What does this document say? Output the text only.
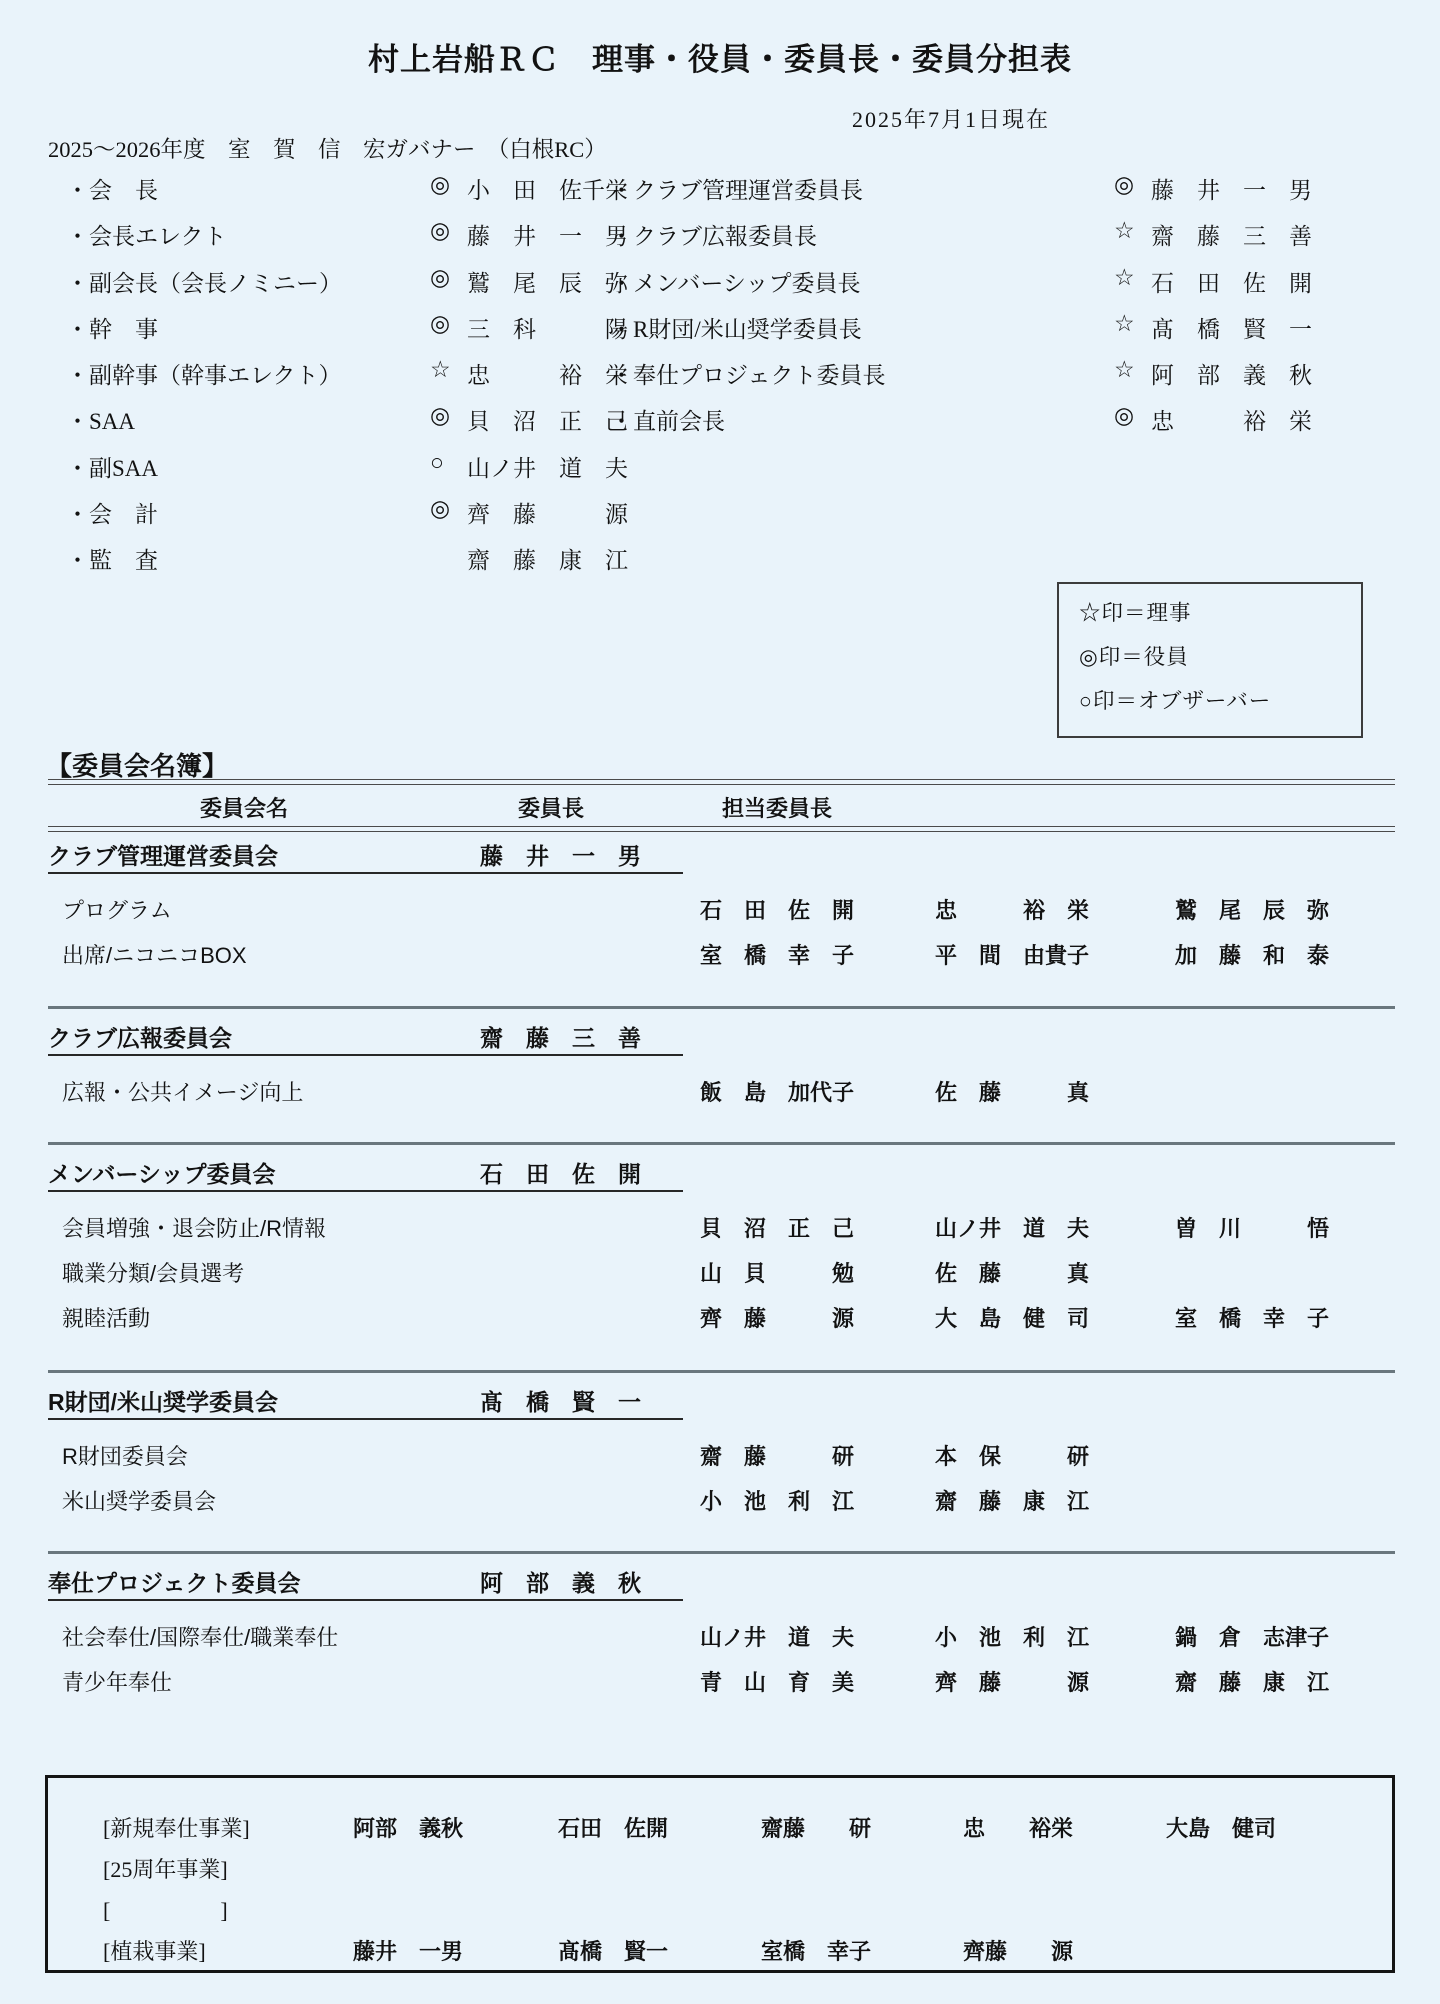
村上岩船ＲＣ　理事・役員・委員長・委員分担表
2025年7月1日現在
2025～2026年度　室　賀　信　宏ガバナー　（白根RC）
・会　長	◎ 小　田　佐千栄
・会長エレクト	◎ 藤　井　一　男
・副会長（会長ノミニー）	◎ 鷲　尾　辰　弥
・幹　事	◎ 三　科　　　陽
・副幹事（幹事エレクト）	☆ 忠　　　裕　栄
・SAA	◎ 貝　沼　正　己
・副SAA	○ 山ノ井　道　夫
・会　計	◎ 齊　藤　　　源
・監　査	齋　藤　康　江
・クラブ管理運営委員長	◎ 藤　井　一　男
・クラブ広報委員長	☆ 齋　藤　三　善
・メンバーシップ委員長	☆ 石　田　佐　開
・R財団/米山奨学委員長	☆ 髙　橋　賢　一
・奉仕プロジェクト委員長	☆ 阿　部　義　秋
・直前会長	◎ 忠　　　裕　栄
☆印＝理事
◎印＝役員
○印＝オブザーバー
【委員会名簿】
委員会名	委員長	担当委員長
クラブ管理運営委員会	藤　井　一　男
プログラム	石　田　佐　開	忠　　　裕　栄	鷲　尾　辰　弥
出席/ニコニコBOX	室　橋　幸　子	平　間　由貴子	加　藤　和　泰
クラブ広報委員会	齋　藤　三　善
広報・公共イメージ向上	飯　島　加代子	佐　藤　　　真
メンバーシップ委員会	石　田　佐　開
会員増強・退会防止/R情報	貝　沼　正　己	山ノ井　道　夫	曽　川　　　悟
職業分類/会員選考	山　貝　　　勉	佐　藤　　　真
親睦活動	齊　藤　　　源	大　島　健　司	室　橋　幸　子
R財団/米山奨学委員会	髙　橋　賢　一
R財団委員会	齋　藤　　　研	本　保　　　研
米山奨学委員会	小　池　利　江	齋　藤　康　江
奉仕プロジェクト委員会	阿　部　義　秋
社会奉仕/国際奉仕/職業奉仕	山ノ井　道　夫	小　池　利　江	鍋　倉　志津子
青少年奉仕	青　山　育　美	齊　藤　　　源	齋　藤　康　江
[新規奉仕事業]	阿部　義秋	石田　佐開	齋藤　　研	忠　　裕栄	大島　健司
[25周年事業]
[　　　　　]
[植栽事業]	藤井　一男	髙橋　賢一	室橋　幸子	齊藤　　源
